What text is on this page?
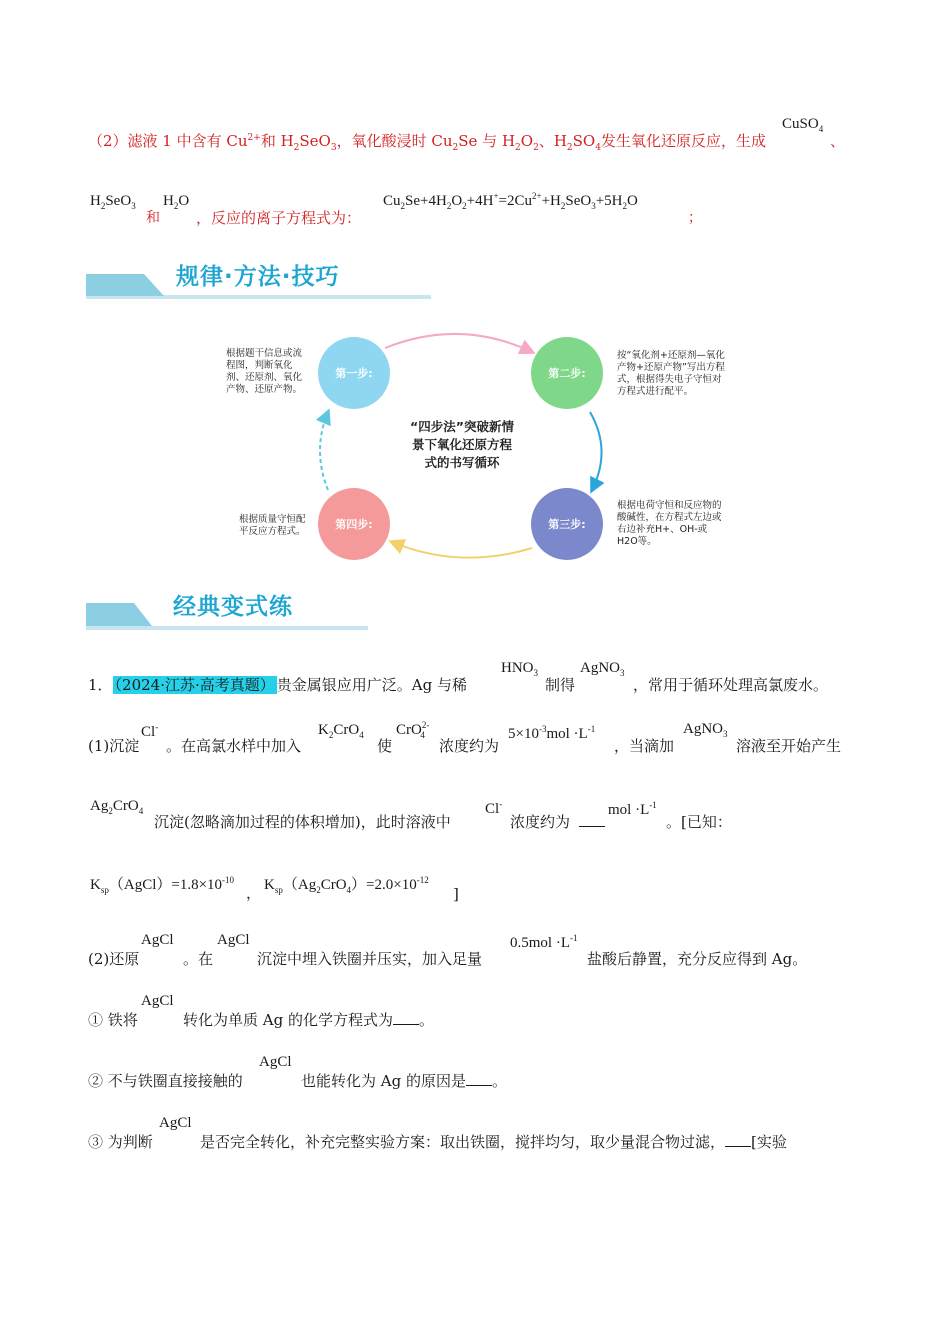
（2）滤液 1 中含有 $Cu^{2+}$和 $H_2SeO_3$，氧化酸浸时 $Cu_2Se$ 与 $H_2O_2$、$H_2SO_4$发生氧化还原反应，生成
CuSO$_4$
、
$H_2SeO_3$
和
$H_2O$
，反应的离子方程式为：
$Cu_2Se+4H_2O_2+4H^+=2Cu^{2+}+H_2SeO_3+5H_2O$
；
规律·方法·技巧
第一步:	第二步:
第三步:
第四步:
“四步法”突破新情
景下氧化还原方程
式的书写循环
根据题干信息或流
程图，判断氧化
剂、还原剂、氧化
产物、还原产物。
按“氧化剂+还原剂—氧化
产物+还原产物”写出方程
式，根据得失电子守恒对
方程式进行配平。
根据电荷守恒和反应物的
酸碱性，在方程式左边或
右边补充H+、OH-或
H2O等。
根据质量守恒配
平反应方程式。
经典变式练
1． （2024·江苏·高考真题） 贵金属银应用广泛。Ag 与稀
$HNO_3$
制得
AgNO$_3$
，常用于循环处理高氯废水。
(1)沉淀
Cl-
。在高氯水样中加入
$K_2CrO_4$
使
CrO$^{2-}_4$
浓度约为
$5\times 10^{-3}mol \cdot L^{-1}$
，当滴加
AgNO$_3$
溶液至开始产生
$Ag_2CrO_4$
沉淀(忽略滴加过程的体积增加)，此时溶液中
Cl-
浓度约为
mol $\cdot L^{-1}$
。[已知：
$K_{sp}(AgCl)=1.8\times 10^{-10}$
， $K_{sp}(Ag_2CrO_4)=2.0\times 10^{-12}$
]
(2)还原
AgCl
。在
AgCl
沉淀中埋入铁圈并压实，加入足量
$0.5mol \cdot L^{-1}$
盐酸后静置，充分反应得到 Ag。
① 铁将
AgCl
转化为单质 Ag 的化学方程式为 。
② 不与铁圈直接接触的
AgCl
也能转化为 Ag 的原因是 。
③ 为判断
AgCl
是否完全转化，补充完整实验方案：取出铁圈，搅拌均匀，取少量混合物过滤， [实验
